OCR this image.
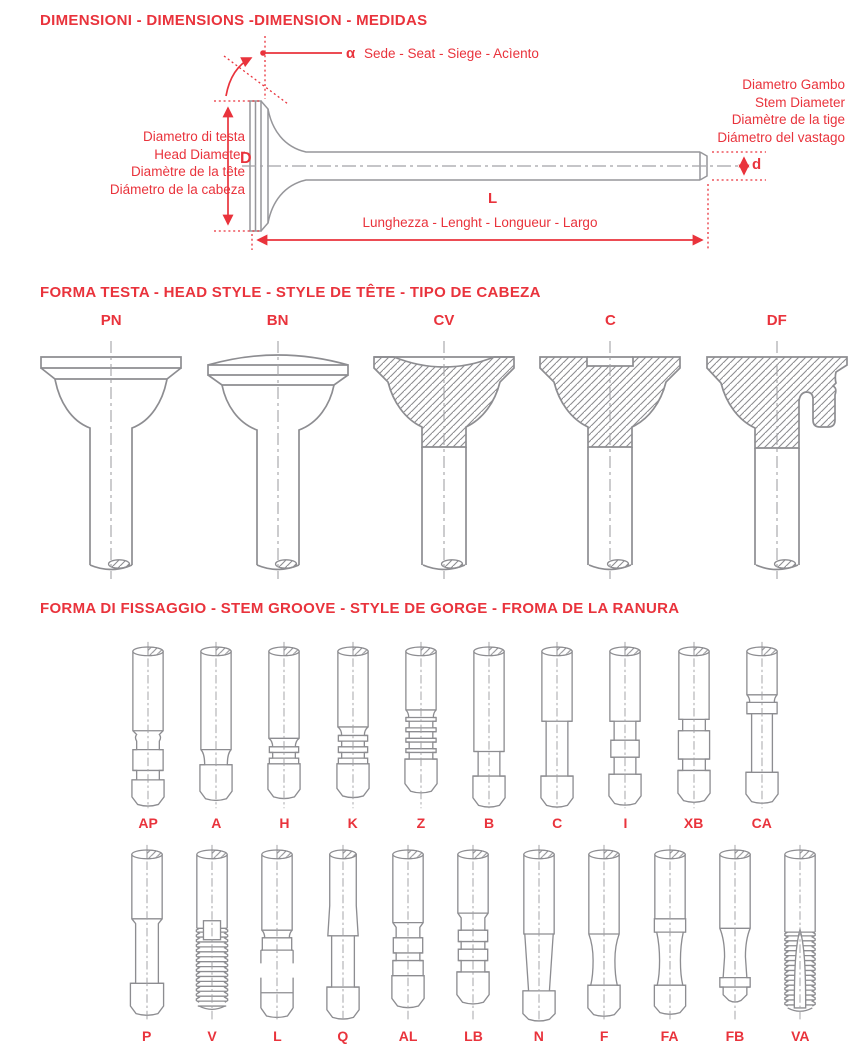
DIMENSIONI - DIMENSIONS -DIMENSION - MEDIDAS
Diametro di testa
Head Diameter
Diamètre de la tête
Diámetro de la cabeza
D
α Sede - Seat - Siege - Acìento
Diametro Gambo
Stem Diameter
Diamètre de la tige
Diámetro del vastago
d
L
Lunghezza - Lenght - Longueur - Largo
FORMA TESTA - HEAD STYLE - STYLE DE TÊTE - TIPO DE CABEZA
PN	BN	CV	C	DF
FORMA DI FISSAGGIO - STEM GROOVE - STYLE DE GORGE - FROMA DE LA RANURA
AP	A	H	K	Z	B	C	I	XB	CA
P	V	L	Q	AL	LB	N	F	FA	FB	VA
